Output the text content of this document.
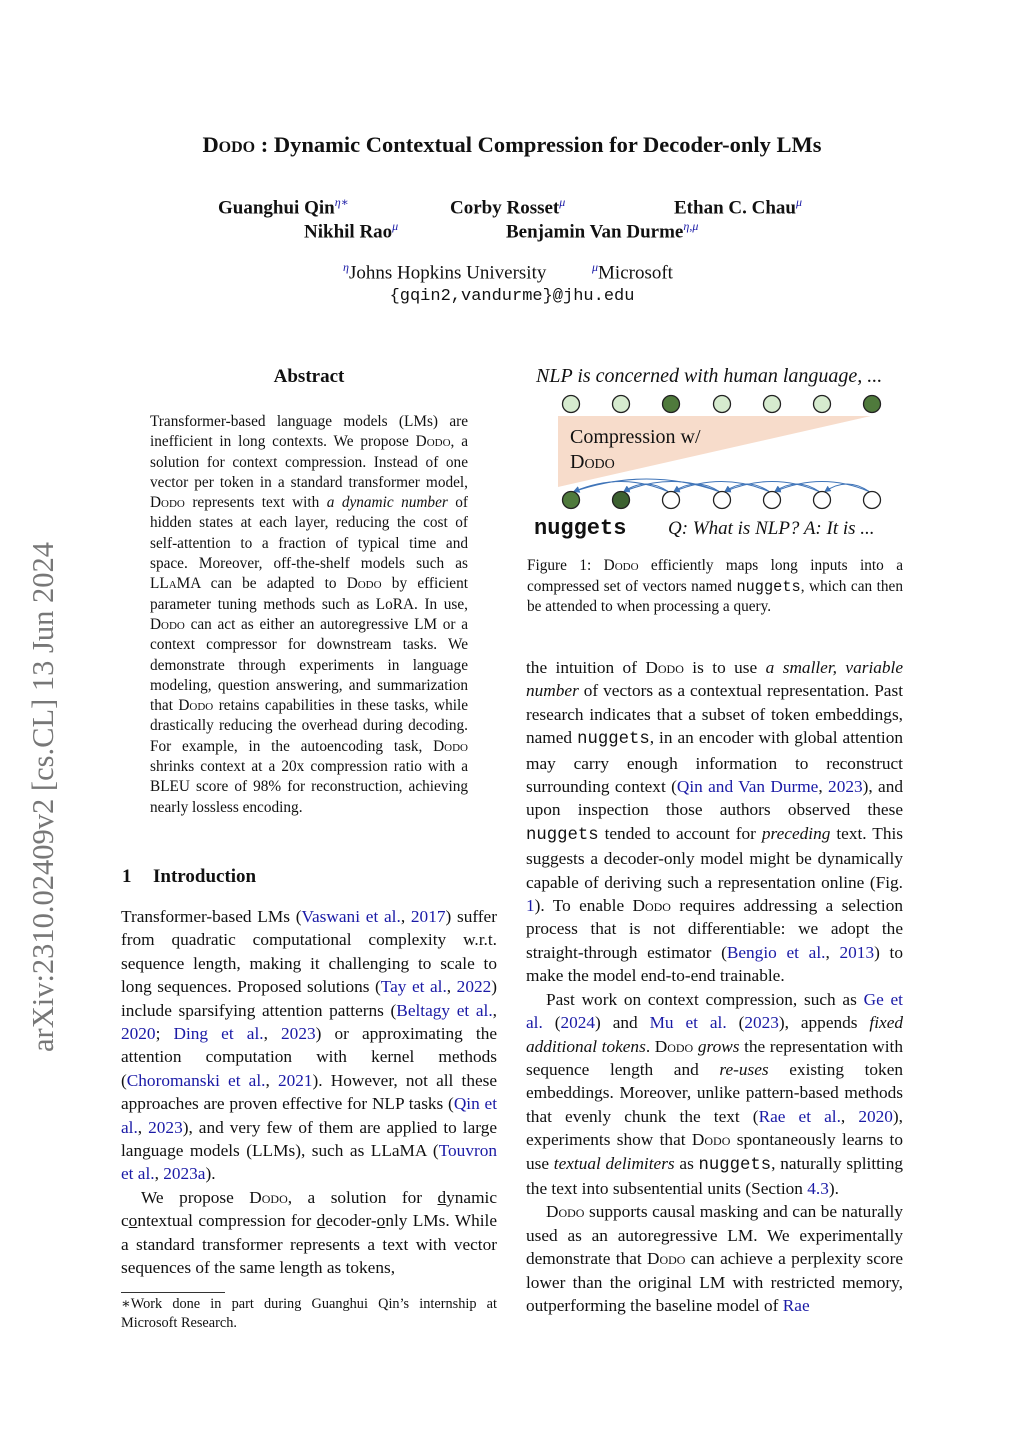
Dodo : Dynamic Contextual Compression for Decoder-only LMs
Guanghui Qin$^{\eta∗}$	Corby Rosset$^\mu$	Ethan C. Chau$^\mu$
Nikhil Rao$^\mu$	Benjamin Van Durme$^{\eta,\mu}$
$^\eta$Johns Hopkins University	$^\mu$Microsoft
{gqin2,vandurme}@jhu.edu
arXiv:2310.02409v2 [cs.CL] 13 Jun 2024
Abstract
Transformer-based language models (LMs) are inefficient in long contexts. We propose Dodo, a solution for context compression. Instead of one vector per token in a standard transformer model, Dodo represents text with a dynamic number of hidden states at each layer, reducing the cost of self-attention to a fraction of typical time and space. Moreover, off-the-shelf models such as LLaMA can be adapted to Dodo by efficient parameter tuning methods such as LoRA. In use, Dodo can act as either an autoregressive LM or a context compressor for downstream tasks. We demonstrate through experiments in language modeling, question answering, and summarization that Dodo retains capabilities in these tasks, while drastically reducing the overhead during decoding. For example, in the autoencoding task, Dodo shrinks context at a 20x compression ratio with a BLEU score of 98% for reconstruction, achieving nearly lossless encoding.
1 Introduction

Transformer-based LMs (Vaswani et al., 2017) suffer from quadratic computational complexity w.r.t. sequence length, making it challenging to scale to long sequences. Proposed solutions (Tay et al., 2022) include sparsifying attention patterns (Beltagy et al., 2020; Ding et al., 2023) or approximating the attention computation with kernel methods (Choromanski et al., 2021). However, not all these approaches are proven effective for NLP tasks (Qin et al., 2023), and very few of them are applied to large language models (LLMs), such as LLaMA (Touvron et al., 2023a).

We propose Dodo, a solution for dynamic contextual compression for decoder-only LMs. While a standard transformer represents a text with vector sequences of the same length as tokens,

∗Work done in part during Guanghui Qin’s internship at Microsoft Research.
NLP is concerned with human language, ...
Compression w/
Dodo
nuggets Q: What is NLP? A: It is ...
Figure 1: Dodo efficiently maps long inputs into a compressed set of vectors named nuggets, which can then be attended to when processing a query.

the intuition of Dodo is to use a smaller, variable number of vectors as a contextual representation. Past research indicates that a subset of token embeddings, named nuggets, in an encoder with global attention may carry enough information to reconstruct surrounding context (Qin and Van Durme, 2023), and upon inspection those authors observed these nuggets tended to account for preceding text. This suggests a decoder-only model might be dynamically capable of deriving such a representation online (Fig. 1). To enable Dodo requires addressing a selection process that is not differentiable: we adopt the straight-through estimator (Bengio et al., 2013) to make the model end-to-end trainable.

Past work on context compression, such as Ge et al. (2024) and Mu et al. (2023), appends fixed additional tokens. Dodo grows the representation with sequence length and re-uses existing token embeddings. Moreover, unlike pattern-based methods that evenly chunk the text (Rae et al., 2020), experiments show that Dodo spontaneously learns to use textual delimiters as nuggets, naturally splitting the text into subsentential units (Section 4.3).

Dodo supports causal masking and can be naturally used as an autoregressive LM. We experimentally demonstrate that Dodo can achieve a perplexity score lower than the original LM with restricted memory, outperforming the baseline model of Rae
